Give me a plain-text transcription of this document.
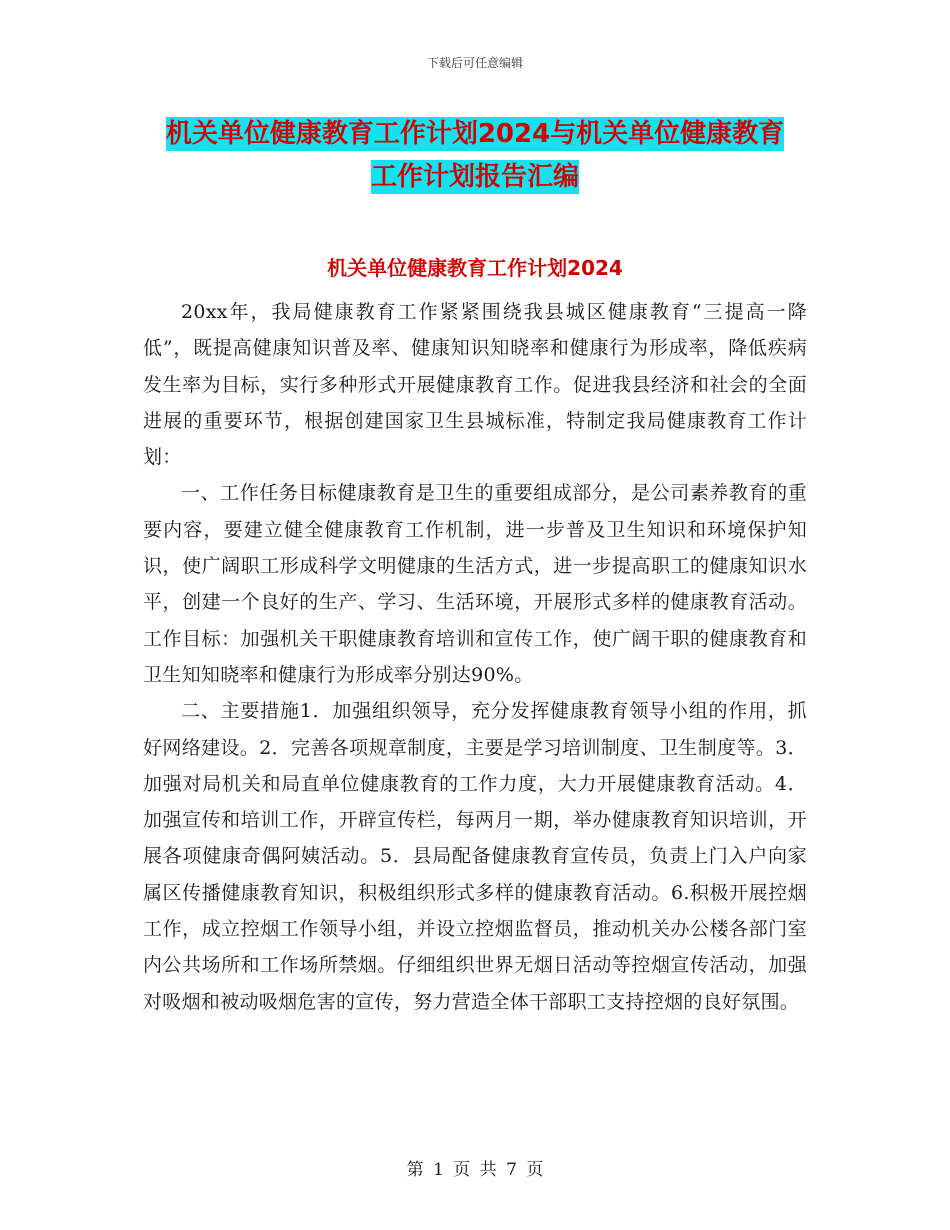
下载后可任意编辑
机关单位健康教育工作计划2024与机关单位健康教育
工作计划报告汇编
机关单位健康教育工作计划2024

20xx年，我局健康教育工作紧紧围绕我县城区健康教育“三提高一降低”，既提高健康知识普及率、健康知识知晓率和健康行为形成率，降低疾病发生率为目标，实行多种形式开展健康教育工作。促进我县经济和社会的全面进展的重要环节，根据创建国家卫生县城标准，特制定我局健康教育工作计划：

一、工作任务目标健康教育是卫生的重要组成部分，是公司素养教育的重要内容，要建立健全健康教育工作机制，进一步普及卫生知识和环境保护知识，使广阔职工形成科学文明健康的生活方式，进一步提高职工的健康知识水平，创建一个良好的生产、学习、生活环境，开展形式多样的健康教育活动。工作目标：加强机关干职健康教育培训和宣传工作，使广阔干职的健康教育和卫生知知晓率和健康行为形成率分别达90%。

二、主要措施1．加强组织领导，充分发挥健康教育领导小组的作用，抓好网络建设。2．完善各项规章制度，主要是学习培训制度、卫生制度等。3．加强对局机关和局直单位健康教育的工作力度，大力开展健康教育活动。4．加强宣传和培训工作，开辟宣传栏，每两月一期，举办健康教育知识培训，开展各项健康奇偶阿姨活动。5．县局配备健康教育宣传员，负责上门入户向家属区传播健康教育知识，积极组织形式多样的健康教育活动。6.积极开展控烟工作，成立控烟工作领导小组，并设立控烟监督员，推动机关办公楼各部门室内公共场所和工作场所禁烟。仔细组织世界无烟日活动等控烟宣传活动，加强对吸烟和被动吸烟危害的宣传，努力营造全体干部职工支持控烟的良好氛围。

第 1 页 共 7 页
